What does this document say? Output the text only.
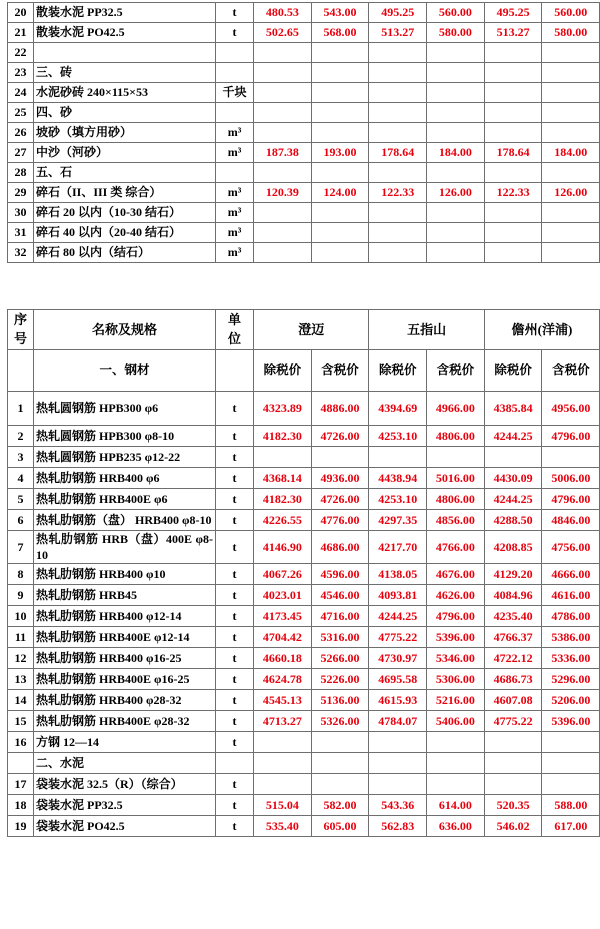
20	散装水泥 PP32.5	t	480.53	543.00	495.25	560.00	495.25	560.00
21	散装水泥 PO42.5	t	502.65	568.00	513.27	580.00	513.27	580.00
22								
23	三、砖							
24	水泥砂砖 240×115×53	千块						
25	四、砂							
26	坡砂（填方用砂）	m³						
27	中沙（河砂）	m³	187.38	193.00	178.64	184.00	178.64	184.00
28	五、石							
29	碎石（II、III 类 综合）	m³	120.39	124.00	122.33	126.00	122.33	126.00
30	碎石 20 以内（10-30 结石）	m³						
31	碎石 40 以内（20-40 结石）	m³						
32	碎石 80 以内（结石）	m³						
序号	名称及规格	单位	澄迈		五指山		儋州(洋浦)	
	一、钢材		除税价	含税价	除税价	含税价	除税价	含税价
1	热轧圆钢筋 HPB300 φ6	t	4323.89	4886.00	4394.69	4966.00	4385.84	4956.00
2	热轧圆钢筋 HPB300 φ8-10	t	4182.30	4726.00	4253.10	4806.00	4244.25	4796.00
3	热轧圆钢筋 HPB235 φ12-22	t						
4	热轧肋钢筋 HRB400 φ6	t	4368.14	4936.00	4438.94	5016.00	4430.09	5006.00
5	热轧肋钢筋 HRB400E φ6	t	4182.30	4726.00	4253.10	4806.00	4244.25	4796.00
6	热轧肋钢筋（盘） HRB400 φ8-10	t	4226.55	4776.00	4297.35	4856.00	4288.50	4846.00
7	热轧肋钢筋 HRB（盘）400E φ8-10	t	4146.90	4686.00	4217.70	4766.00	4208.85	4756.00
8	热轧肋钢筋 HRB400 φ10	t	4067.26	4596.00	4138.05	4676.00	4129.20	4666.00
9	热轧肋钢筋 HRB45	t	4023.01	4546.00	4093.81	4626.00	4084.96	4616.00
10	热轧肋钢筋 HRB400 φ12-14	t	4173.45	4716.00	4244.25	4796.00	4235.40	4786.00
11	热轧肋钢筋 HRB400E φ12-14	t	4704.42	5316.00	4775.22	5396.00	4766.37	5386.00
12	热轧肋钢筋 HRB400 φ16-25	t	4660.18	5266.00	4730.97	5346.00	4722.12	5336.00
13	热轧肋钢筋 HRB400E φ16-25	t	4624.78	5226.00	4695.58	5306.00	4686.73	5296.00
14	热轧肋钢筋 HRB400 φ28-32	t	4545.13	5136.00	4615.93	5216.00	4607.08	5206.00
15	热轧肋钢筋 HRB400E φ28-32	t	4713.27	5326.00	4784.07	5406.00	4775.22	5396.00
16	方钢 12—14	t						
	二、水泥							
17	袋装水泥 32.5（R）（综合）	t						
18	袋装水泥 PP32.5	t	515.04	582.00	543.36	614.00	520.35	588.00
19	袋装水泥 PO42.5	t	535.40	605.00	562.83	636.00	546.02	617.00
